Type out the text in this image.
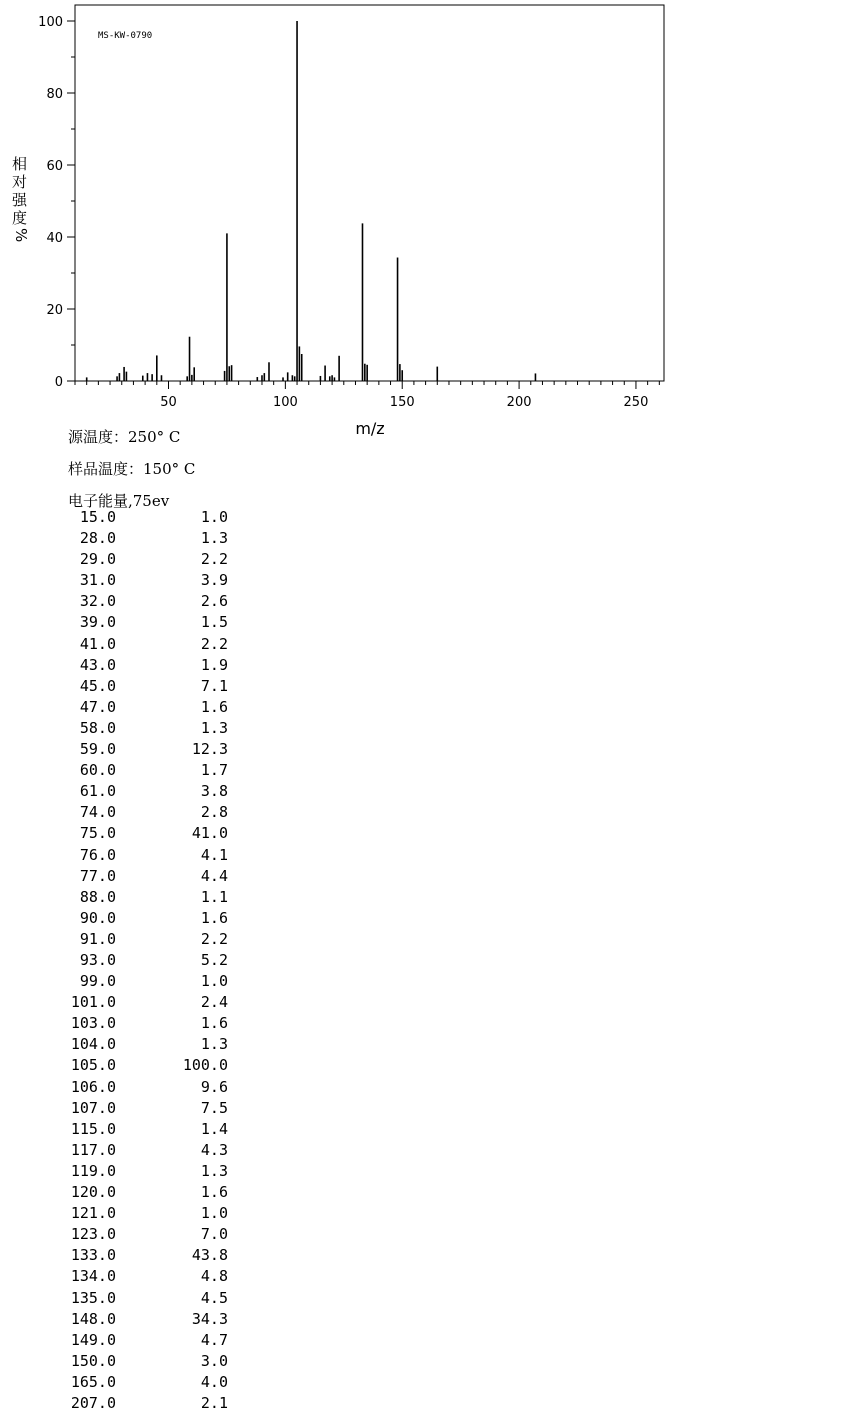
MS-KW-0790
相
对
强
度
%
m/z
0
20
40
60
80
100
50	100	150	200	250
源温度：250° C
样品温度：150° C
电子能量,75ev
15.0	1.0
28.0	1.3
29.0	2.2
31.0	3.9
32.0	2.6
39.0	1.5
41.0	2.2
43.0	1.9
45.0	7.1
47.0	1.6
58.0	1.3
59.0	12.3
60.0	1.7
61.0	3.8
74.0	2.8
75.0	41.0
76.0	4.1
77.0	4.4
88.0	1.1
90.0	1.6
91.0	2.2
93.0	5.2
99.0	1.0
101.0	2.4
103.0	1.6
104.0	1.3
105.0	100.0
106.0	9.6
107.0	7.5
115.0	1.4
117.0	4.3
119.0	1.3
120.0	1.6
121.0	1.0
123.0	7.0
133.0	43.8
134.0	4.8
135.0	4.5
148.0	34.3
149.0	4.7
150.0	3.0
165.0	4.0
207.0	2.1
